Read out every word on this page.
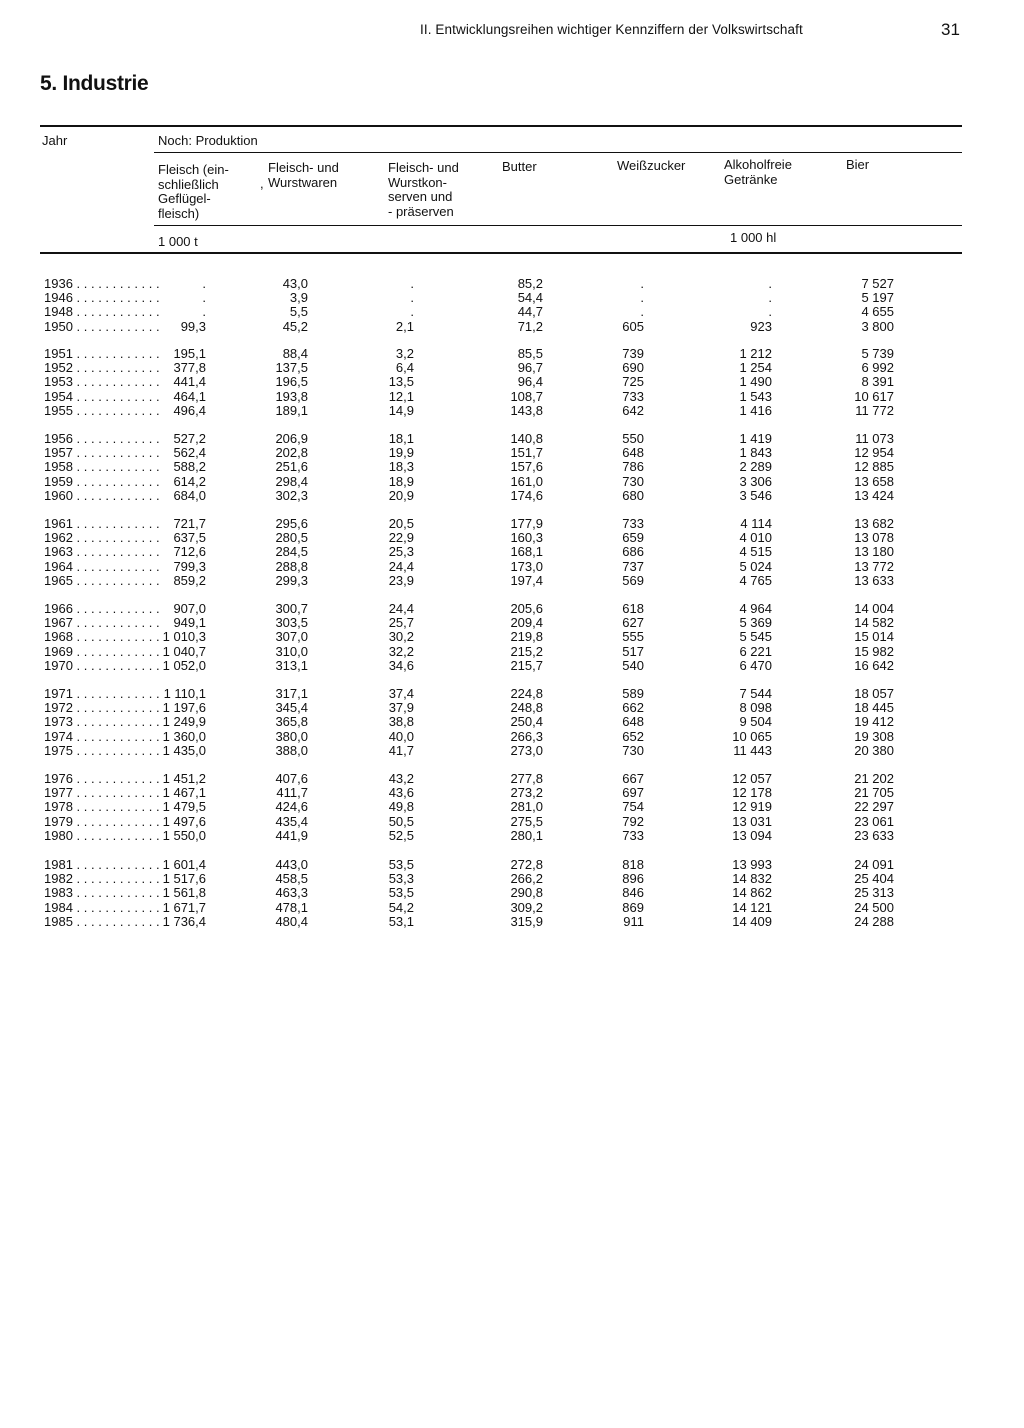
II. Entwicklungsreihen wichtiger Kennziffern der Volkswirtschaft	31
5. Industrie
Jahr	Noch: Produktion
Fleisch (ein-
schließlich
Geflügel-
fleisch)
,
Fleisch- und
Wurstwaren
Fleisch- und
Wurstkon-
serven und
- präserven
Butter	Weißzucker	Alkoholfreie
Getränke
Bier
1 000 t	1 000 hl
1936 . . . . . . . . . . . .	.	43,0	.	85,2	.	.	7 527
1946 . . . . . . . . . . . .	.	3,9	.	54,4	.	.	5 197
1948 . . . . . . . . . . . .	.	5,5	.	44,7	.	.	4 655
1950 . . . . . . . . . . . . 99,3	45,2	2,1	71,2	605	923	3 800
1951 . . . . . . . . . . . . 195,1	88,4	3,2	85,5	739	1 212	5 739
1952 . . . . . . . . . . . . 377,8	137,5	6,4	96,7	690	1 254	6 992
1953 . . . . . . . . . . . . 441,4	196,5	13,5	96,4	725	1 490	8 391
1954 . . . . . . . . . . . . 464,1	193,8	12,1	108,7	733	1 543	10 617
1955 . . . . . . . . . . . . 496,4	189,1	14,9	143,8	642	1 416	11 772
1956 . . . . . . . . . . . . 527,2	206,9	18,1	140,8	550	1 419	11 073
1957 . . . . . . . . . . . . 562,4	202,8	19,9	151,7	648	1 843	12 954
1958 . . . . . . . . . . . . 588,2	251,6	18,3	157,6	786	2 289	12 885
1959 . . . . . . . . . . . . 614,2	298,4	18,9	161,0	730	3 306	13 658
1960 . . . . . . . . . . . . 684,0	302,3	20,9	174,6	680	3 546	13 424
1961 . . . . . . . . . . . . 721,7	295,6	20,5	177,9	733	4 114	13 682
1962 . . . . . . . . . . . . 637,5	280,5	22,9	160,3	659	4 010	13 078
1963 . . . . . . . . . . . . 712,6	284,5	25,3	168,1	686	4 515	13 180
1964 . . . . . . . . . . . . 799,3	288,8	24,4	173,0	737	5 024	13 772
1965 . . . . . . . . . . . . 859,2	299,3	23,9	197,4	569	4 765	13 633
1966 . . . . . . . . . . . . 907,0	300,7	24,4	205,6	618	4 964	14 004
1967 . . . . . . . . . . . . 949,1	303,5	25,7	209,4	627	5 369	14 582
1968 . . . . . . . . . . . . 1 010,3	307,0	30,2	219,8	555	5 545	15 014
1969 . . . . . . . . . . . . 1 040,7	310,0	32,2	215,2	517	6 221	15 982
1970 . . . . . . . . . . . . 1 052,0	313,1	34,6	215,7	540	6 470	16 642
1971 . . . . . . . . . . . . 1 110,1	317,1	37,4	224,8	589	7 544	18 057
1972 . . . . . . . . . . . . 1 197,6	345,4	37,9	248,8	662	8 098	18 445
1973 . . . . . . . . . . . . 1 249,9	365,8	38,8	250,4	648	9 504	19 412
1974 . . . . . . . . . . . . 1 360,0	380,0	40,0	266,3	652	10 065	19 308
1975 . . . . . . . . . . . . 1 435,0	388,0	41,7	273,0	730	11 443	20 380
1976 . . . . . . . . . . . . 1 451,2	407,6	43,2	277,8	667	12 057	21 202
1977 . . . . . . . . . . . . 1 467,1	411,7	43,6	273,2	697	12 178	21 705
1978 . . . . . . . . . . . . 1 479,5	424,6	49,8	281,0	754	12 919	22 297
1979 . . . . . . . . . . . . 1 497,6	435,4	50,5	275,5	792	13 031	23 061
1980 . . . . . . . . . . . . 1 550,0	441,9	52,5	280,1	733	13 094	23 633
1981 . . . . . . . . . . . . 1 601,4	443,0	53,5	272,8	818	13 993	24 091
1982 . . . . . . . . . . . . 1 517,6	458,5	53,3	266,2	896	14 832	25 404
1983 . . . . . . . . . . . . 1 561,8	463,3	53,5	290,8	846	14 862	25 313
1984 . . . . . . . . . . . . 1 671,7	478,1	54,2	309,2	869	14 121	24 500
1985 . . . . . . . . . . . . 1 736,4	480,4	53,1	315,9	911	14 409	24 288
